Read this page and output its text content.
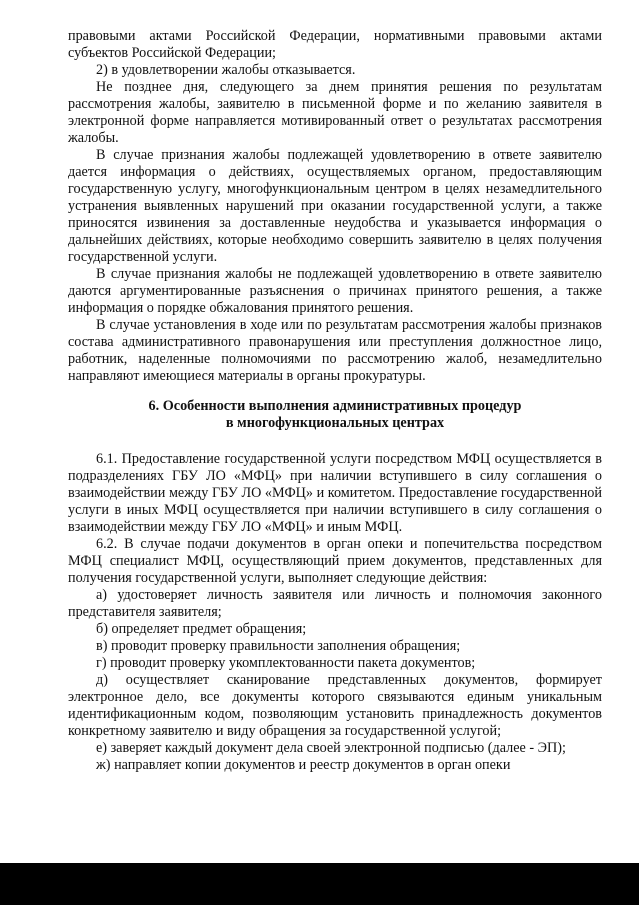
правовыми актами Российской Федерации, нормативными правовыми актами субъектов Российской Федерации;

2) в удовлетворении жалобы отказывается.

Не позднее дня, следующего за днем принятия решения по результатам рассмотрения жалобы, заявителю в письменной форме и по желанию заявителя в электронной форме направляется мотивированный ответ о результатах рассмотрения жалобы.

В случае признания жалобы подлежащей удовлетворению в ответе заявителю дается информация о действиях, осуществляемых органом, предоставляющим государственную услугу, многофункциональным центром в целях незамедлительного устранения выявленных нарушений при оказании государственной услуги, а также приносятся извинения за доставленные неудобства и указывается информация о дальнейших действиях, которые необходимо совершить заявителю в целях получения государственной услуги.

В случае признания жалобы не подлежащей удовлетворению в ответе заявителю даются аргументированные разъяснения о причинах принятого решения, а также информация о порядке обжалования принятого решения.

В случае установления в ходе или по результатам рассмотрения жалобы признаков состава административного правонарушения или преступления должностное лицо, работник, наделенные полномочиями по рассмотрению жалоб, незамедлительно направляют имеющиеся материалы в органы прокуратуры.

6. Особенности выполнения административных процедур
в многофункциональных центрах

6.1. Предоставление государственной услуги посредством МФЦ осуществляется в подразделениях ГБУ ЛО «МФЦ» при наличии вступившего в силу соглашения о взаимодействии между ГБУ ЛО «МФЦ» и комитетом. Предоставление государственной услуги в иных МФЦ осуществляется при наличии вступившего в силу соглашения о взаимодействии между ГБУ ЛО «МФЦ» и иным МФЦ.

6.2. В случае подачи документов в орган опеки и попечительства посредством МФЦ специалист МФЦ, осуществляющий прием документов, представленных для получения государственной услуги, выполняет следующие действия:

а) удостоверяет личность заявителя или личность и полномочия законного представителя заявителя;

б) определяет предмет обращения;

в) проводит проверку правильности заполнения обращения;

г) проводит проверку укомплектованности пакета документов;

д) осуществляет сканирование представленных документов, формирует электронное дело, все документы которого связываются единым уникальным идентификационным кодом, позволяющим установить принадлежность документов конкретному заявителю и виду обращения за государственной услугой;

е) заверяет каждый документ дела своей электронной подписью (далее - ЭП);

ж) направляет копии документов и реестр документов в орган опеки
